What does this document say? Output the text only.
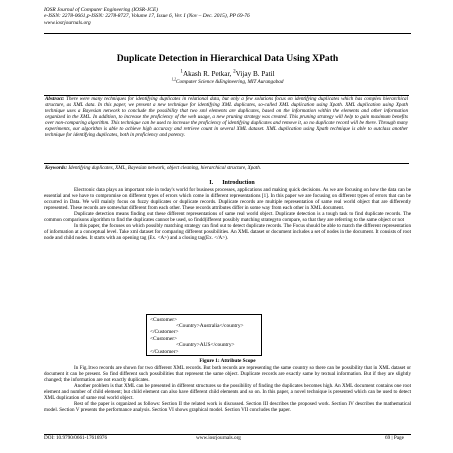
IOSR Journal of Computer Engineering (IOSR-JCE)
e-ISSN: 2278-0661,p-ISSN: 2278-8727, Volume 17, Issue 6, Ver. I (Nov – Dec. 2015), PP 69-76
www.iosrjournals.org
Duplicate Detection in Hierarchical Data Using XPath
$^1$Akash R. Petkar, $^2$Vijay B. Patil
$^{1,2}$Computer Science &Engineering, MIT Aurangabad
Abstract: There were many techniques for identifying duplicates in relational data, but only a few solutions focus on identifying duplicates which has complex hierarchical structure, as XML data. In this paper, we present a new technique for identifying XML duplicates, so-called XML duplication using Xpath. XML duplication using Xpath technique uses a Bayesian network to conclude the possibility that two xml elements are duplicates, based on the information within the elements and other information organized in the XML. In addition, to increase the proficiency of the web usage, a new pruning strategy was created. This pruning strategy will help to gain maximum benefits over non-comparing algorithm. This technique can be used to increase the proficiency of identifying duplicates and remove it, so no duplicate record will be there. Through many experiments, our algorithm is able to achieve high accuracy and retrieve count in several XML dataset. XML duplication using Xpath technique is able to outclass another technique for identifying duplicates, both in proficiency and potency.
Keywords: Identifying duplicates, XML, Bayesian network, object cleaning, hierarchical structure, Xpath.
I. Introduction

Electronic data plays an important role in today's world for business processes, applications and making quick decisions. As we are focusing on how the data can be essential and we have to compromise on different types of errors which come in different representations [1]. In this paper we are focusing on different types of errors that can be occurred in Data. We will mainly focus on fuzzy duplicates or duplicate records. Duplicate records are multiple representation of same real world object that are differently represented. These records are somewhat different from each other. These records attributes differ in some way from each other in XML document.

Duplicate detection means finding out these different representations of same real world object. Duplicate detection is a tough task to find duplicate records. The common comparisons algorithm to find the duplicates cannot be used, so findd(ifferent possibly matching strategyto compare, so that they are referring to the same object or not

In this paper, the focuses on which possibly matching strategy can find out to detect duplicate records. The Focus should be able to match the different representation of information at a conceptual level. Take xml dataset for comparing different possibilities. An XML dataset or document includes a set of nodes in the document. It consists of root node and child nodes. It starts with an opening tag (Ex. <A>) and a closing tag(Ex. </A>).

<Customer>
<Country>Australia</country>
</Customer>
<Customer>
<Country>AUS</country>
</Customer>
Figure 1: Attribute Scope

In Fig.1two records are shown for two different XML records. But both records are representing the same country so there can be possibility that in XML dataset or document it can be present. So find different such possibilities that represent the same object. Duplicate records are exactly same by textual information. But if they are slightly changed; the information are not exactly duplicates.

Another problem is that XML can be presented in different structures so the possibility of finding the duplicates becomes high. An XML document contains one root element and number of child element; but child element can also have different child elements and so on. In this paper, a novel technique is presented which can be used to detect XML duplication of same real world object.

Rest of the paper is organized as follows: Section II the related work is discussed. Section III describes the proposed work. Section IV describes the mathematical model. Section V presents the performance analysis. Section VI shows graphical model. Section VII concludes the paper.

DOI: 10.9790/0661-17616976	www.iosrjournals.org	69 | Page
